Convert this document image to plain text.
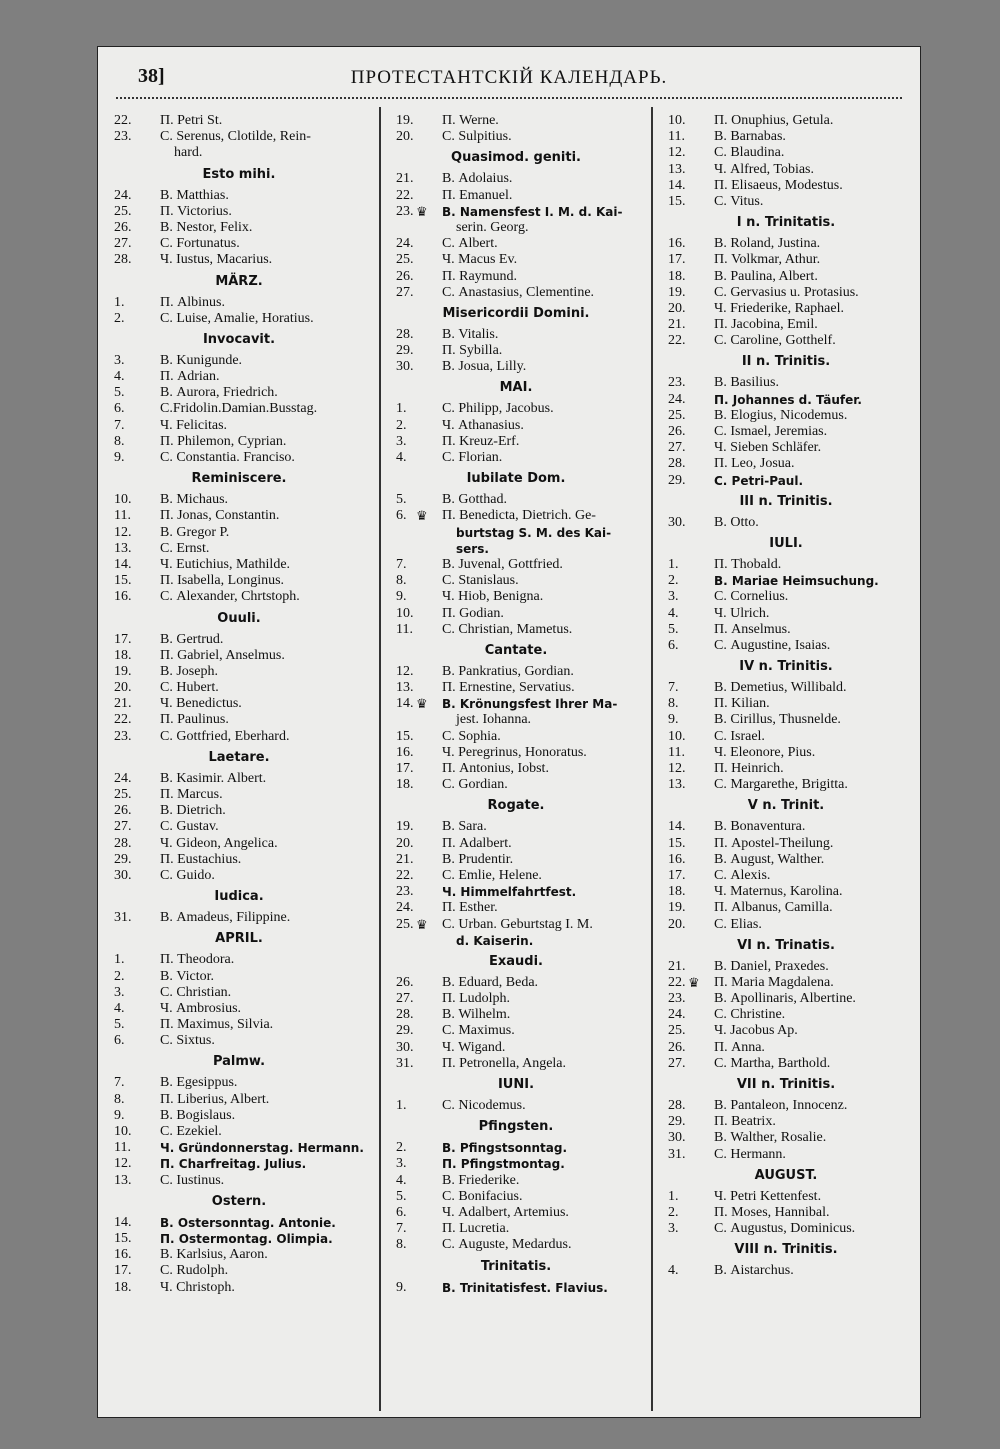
38]	ПРОТЕСТАНТСКІЙ КАЛЕНДАРЬ.
22.	П. Petri St.
23.	С. Serenus, Clotilde, Rein-
hard.
Esto mihi.
24.	В. Matthias.
25.	П. Victorius.
26.	В. Nestor, Felix.
27.	С. Fortunatus.
28.	Ч. Iustus, Macarius.
MÄRZ.
1.	П. Albinus.
2.	С. Luise, Amalie, Horatius.
Invocavit.
3.	В. Kunigunde.
4.	П. Adrian.
5.	В. Aurora, Friedrich.
6.	С.Fridolin.Damian.Busstag.
7.	Ч. Felicitas.
8.	П. Philemon, Cyprian.
9.	С. Constantia. Franciso.
Reminiscere.
10.	В. Michaus.
11.	П. Jonas, Constantin.
12.	В. Gregor P.
13.	С. Ernst.
14.	Ч. Eutichius, Mathilde.
15.	П. Isabella, Longinus.
16.	С. Alexander, Chrtstoph.
Ouuli.
17.	В. Gertrud.
18.	П. Gabriel, Anselmus.
19.	В. Joseph.
20.	С. Hubert.
21.	Ч. Benedictus.
22.	П. Paulinus.
23.	С. Gottfried, Eberhard.
Laetare.
24.	В. Kasimir. Albert.
25.	П. Marcus.
26.	В. Dietrich.
27.	С. Gustav.
28.	Ч. Gideon, Angelica.
29.	П. Eustachius.
30.	С. Guido.
Iudica.
31.	В. Amadeus, Filippine.
APRIL.
1.	П. Theodora.
2.	В. Victor.
3.	С. Christian.
4.	Ч. Ambrosius.
5.	П. Maximus, Silvia.
6.	С. Sixtus.
Palmw.
7.	В. Egesippus.
8.	П. Liberius, Albert.
9.	В. Bogislaus.
10.	С. Ezekiel.
11.	Ч. Gründonnerstag. Hermann.
12.	П. Charfreitag. Julius.
13.	С. Iustinus.
Ostern.
14.	В. Ostersonntag. Antonie.
15.	П. Ostermontag. Olimpia.
16.	В. Karlsius, Aaron.
17.	С. Rudolph.
18.	Ч. Christoph.
19.	П. Werne.
20.	С. Sulpitius.
Quasimod. geniti.
21.	В. Adolaius.
22.	П. Emanuel.
23. ♛ В. Namensfest I. M. d. Kai-
serin. Georg.
24.	С. Albert.
25.	Ч. Macus Ev.
26.	П. Raymund.
27.	С. Anastasius, Clementine.
Misericordii Domini.
28.	В. Vitalis.
29.	П. Sybilla.
30.	В. Josua, Lilly.
MAI.
1.	С. Philipp, Jacobus.
2.	Ч. Athanasius.
3.	П. Kreuz-Erf.
4.	С. Florian.
Iubilate Dom.
5.	В. Gotthad.
6. ♛ П. Benedicta, Dietrich. Ge-
burtstag S. M. des Kai-
sers.
7.	В. Juvenal, Gottfried.
8.	С. Stanislaus.
9.	Ч. Hiob, Benigna.
10.	П. Godian.
11.	С. Christian, Mametus.
Cantate.
12.	В. Pankratius, Gordian.
13.	П. Ernestine, Servatius.
14. ♛ В. Krönungsfest Ihrer Ma-
jest. Iohanna.
15.	С. Sophia.
16.	Ч. Peregrinus, Honoratus.
17.	П. Antonius, Iobst.
18.	С. Gordian.
Rogate.
19.	В. Sara.
20.	П. Adalbert.
21.	В. Prudentir.
22.	С. Emlie, Helene.
23.	Ч. Himmelfahrtfest.
24.	П. Esther.
25. ♛ С. Urban. Geburtstag I. M.
d. Kaiserin.
Exaudi.
26.	В. Eduard, Beda.
27.	П. Ludolph.
28.	В. Wilhelm.
29.	С. Maximus.
30.	Ч. Wigand.
31.	П. Petronella, Angela.
IUNI.
1.	С. Nicodemus.
Pfingsten.
2.	В. Pfingstsonntag.
3.	П. Pfingstmontag.
4.	В. Friederike.
5.	С. Bonifacius.
6.	Ч. Adalbert, Artemius.
7.	П. Lucretia.
8.	С. Auguste, Medardus.
Trinitatis.
9.	В. Trinitatisfest. Flavius.
10.	П. Onuphius, Getula.
11.	В. Barnabas.
12.	С. Blaudina.
13.	Ч. Alfred, Tobias.
14.	П. Elisaeus, Modestus.
15.	С. Vitus.
I n. Trinitatis.
16.	В. Roland, Justina.
17.	П. Volkmar, Athur.
18.	В. Paulina, Albert.
19.	С. Gervasius u. Protasius.
20.	Ч. Friederike, Raphael.
21.	П. Jacobina, Emil.
22.	С. Caroline, Gotthelf.
II n. Trinitis.
23.	В. Basilius.
24.	П. Johannes d. Täufer.
25.	В. Elogius, Nicodemus.
26.	С. Ismael, Jeremias.
27.	Ч. Sieben Schläfer.
28.	П. Leo, Josua.
29.	С. Petri-Paul.
III n. Trinitis.
30.	В. Otto.
IULI.
1.	П. Thobald.
2.	В. Mariae Heimsuchung.
3.	С. Cornelius.
4.	Ч. Ulrich.
5.	П. Anselmus.
6.	С. Augustine, Isaias.
IV n. Trinitis.
7.	В. Demetius, Willibald.
8.	П. Kilian.
9.	В. Cirillus, Thusnelde.
10.	С. Israel.
11.	Ч. Eleonore, Pius.
12.	П. Heinrich.
13.	С. Margarethe, Brigitta.
V n. Trinit.
14.	В. Bonaventura.
15.	П. Apostel-Theilung.
16.	В. August, Walther.
17.	С. Alexis.
18.	Ч. Maternus, Karolina.
19.	П. Albanus, Camilla.
20.	С. Elias.
VI n. Trinatis.
21.	В. Daniel, Praxedes.
22. ♛ П. Maria Magdalena.
23.	В. Apollinaris, Albertine.
24.	С. Christine.
25.	Ч. Jacobus Ap.
26.	П. Anna.
27.	С. Martha, Barthold.
VII n. Trinitis.
28.	В. Pantaleon, Innocenz.
29.	П. Beatrix.
30.	В. Walther, Rosalie.
31.	С. Hermann.
AUGUST.
1.	Ч. Petri Kettenfest.
2.	П. Moses, Hannibal.
3.	С. Augustus, Dominicus.
VIII n. Trinitis.
4.	В. Aistarchus.
